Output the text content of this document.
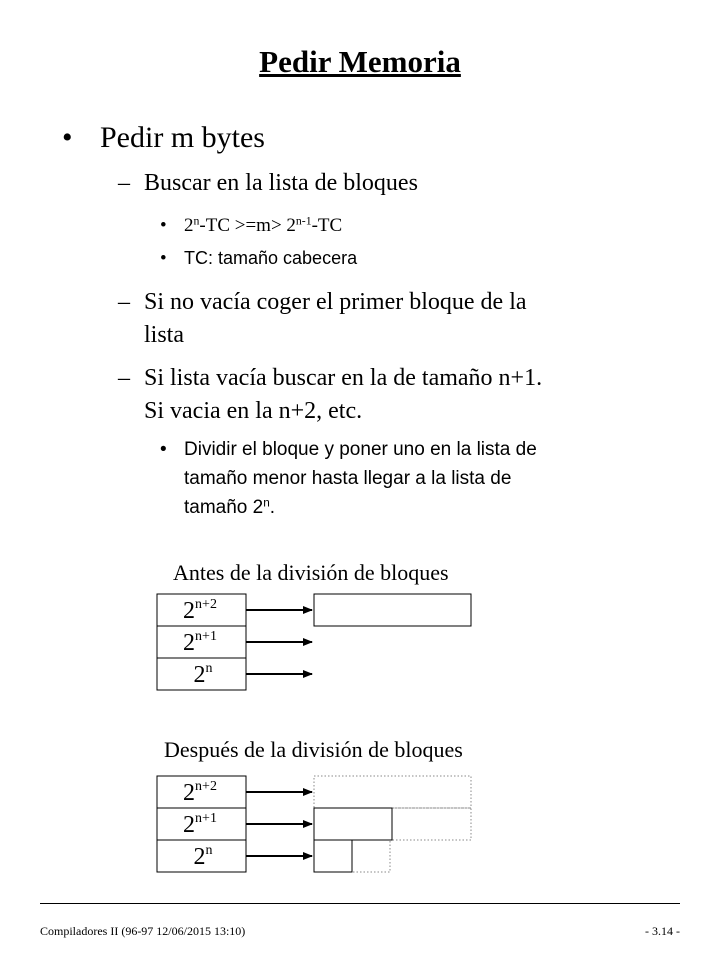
Pedir Memoria
• Pedir m bytes
– Buscar en la lista de bloques
• $2^n-TC >=m> 2^{n-1}-TC$
• TC: tamaño cabecera
– Si no vacía coger el primer bloque de la
lista
– Si lista vacía buscar en la de tamaño n+1.
Si vacia en la n+2, etc.
• Dividir el bloque y poner uno en la lista de
tamaño menor hasta llegar a la lista de
tamaño 2$^n$.
Antes de la división de bloques
Después de la división de bloques
$2^{n+2}$
$2^{n+1}$
2$^n$
$2^{n+2}$
$2^{n+1}$
2$^n$
Compiladores II (96-97 12/06/2015 13:10)	- 3.14 -
